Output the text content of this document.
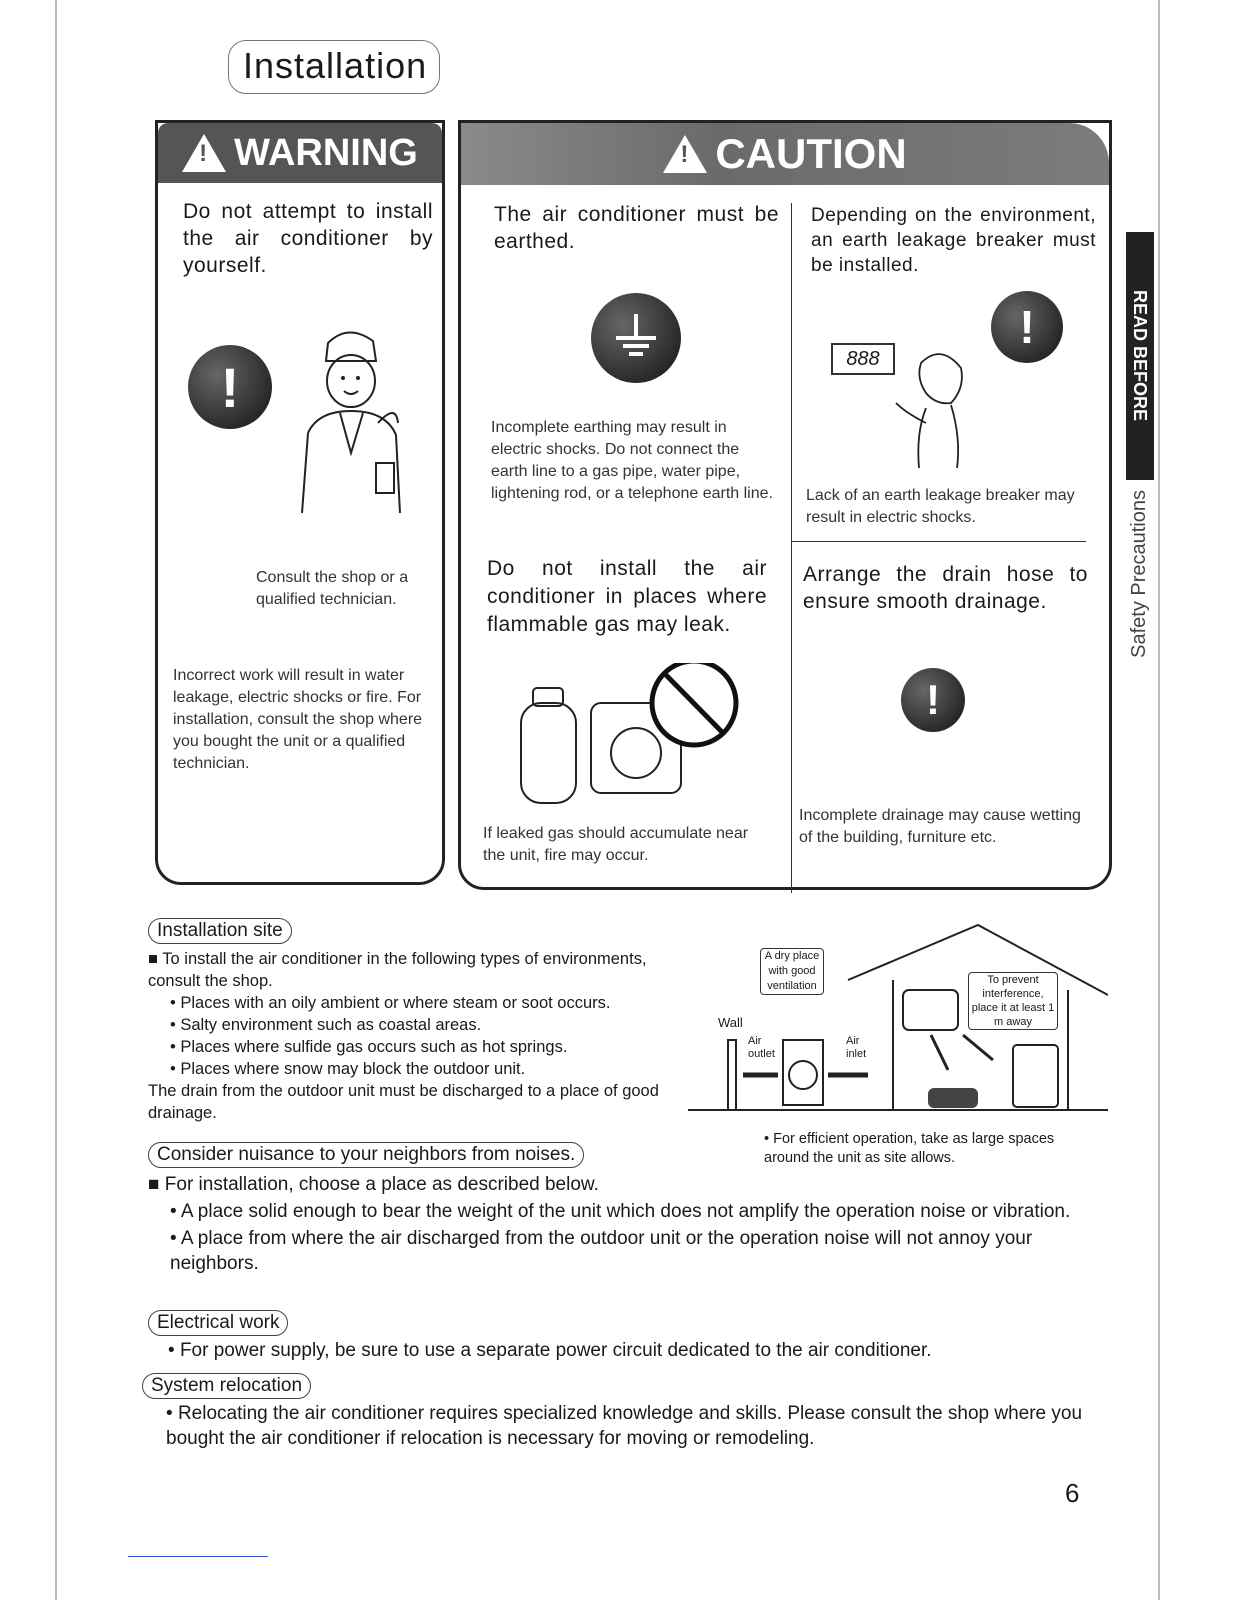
Installation
!
WARNING
Do not attempt to install the air conditioner by yourself.
!
Consult the shop or a qualified technician.
Incorrect work will result in water leakage, electric shocks or fire. For installation, consult the shop where you bought the unit or a qualified technician.
!
CAUTION
The air conditioner must be earthed.
Incomplete earthing may result in electric shocks. Do not connect the earth line to a gas pipe, water pipe, lightening rod, or a telephone earth line.
Depending on the environment, an earth leakage breaker must be installed.
888
!
Lack of an earth leakage breaker may result in electric shocks.
Do not install the air conditioner in places where flammable gas may leak.
If leaked gas should accumulate near the unit, fire may occur.
Arrange the drain hose to ensure smooth drainage.
!
Incomplete drainage may cause wetting of the building, furniture etc.
Installation site
■ To install the air conditioner in the following types of environments, consult the shop.
• Places with an oily ambient or where steam or soot occurs.
• Salty environment such as coastal areas.
• Places where sulfide gas occurs such as hot springs.
• Places where snow may block the outdoor unit.
The drain from the outdoor unit must be discharged to a place of good drainage.
A dry place with good ventilation	To prevent interference, place it at least 1 m away
Wall
Air outlet
Air inlet
• For efficient operation, take as large spaces around the unit as site allows.
Consider nuisance to your neighbors from noises.
■ For installation, choose a place as described below.
• A place solid enough to bear the weight of the unit which does not amplify the operation noise or vibration.
• A place from where the air discharged from the outdoor unit or the operation noise will not annoy your neighbors.
Electrical work
• For power supply, be sure to use a separate power circuit dedicated to the air conditioner.
System relocation
• Relocating the air conditioner requires specialized knowledge and skills. Please consult the shop where you bought the air conditioner if relocation is necessary for moving or remodeling.
READ BEFORE
Safety Precautions
6
